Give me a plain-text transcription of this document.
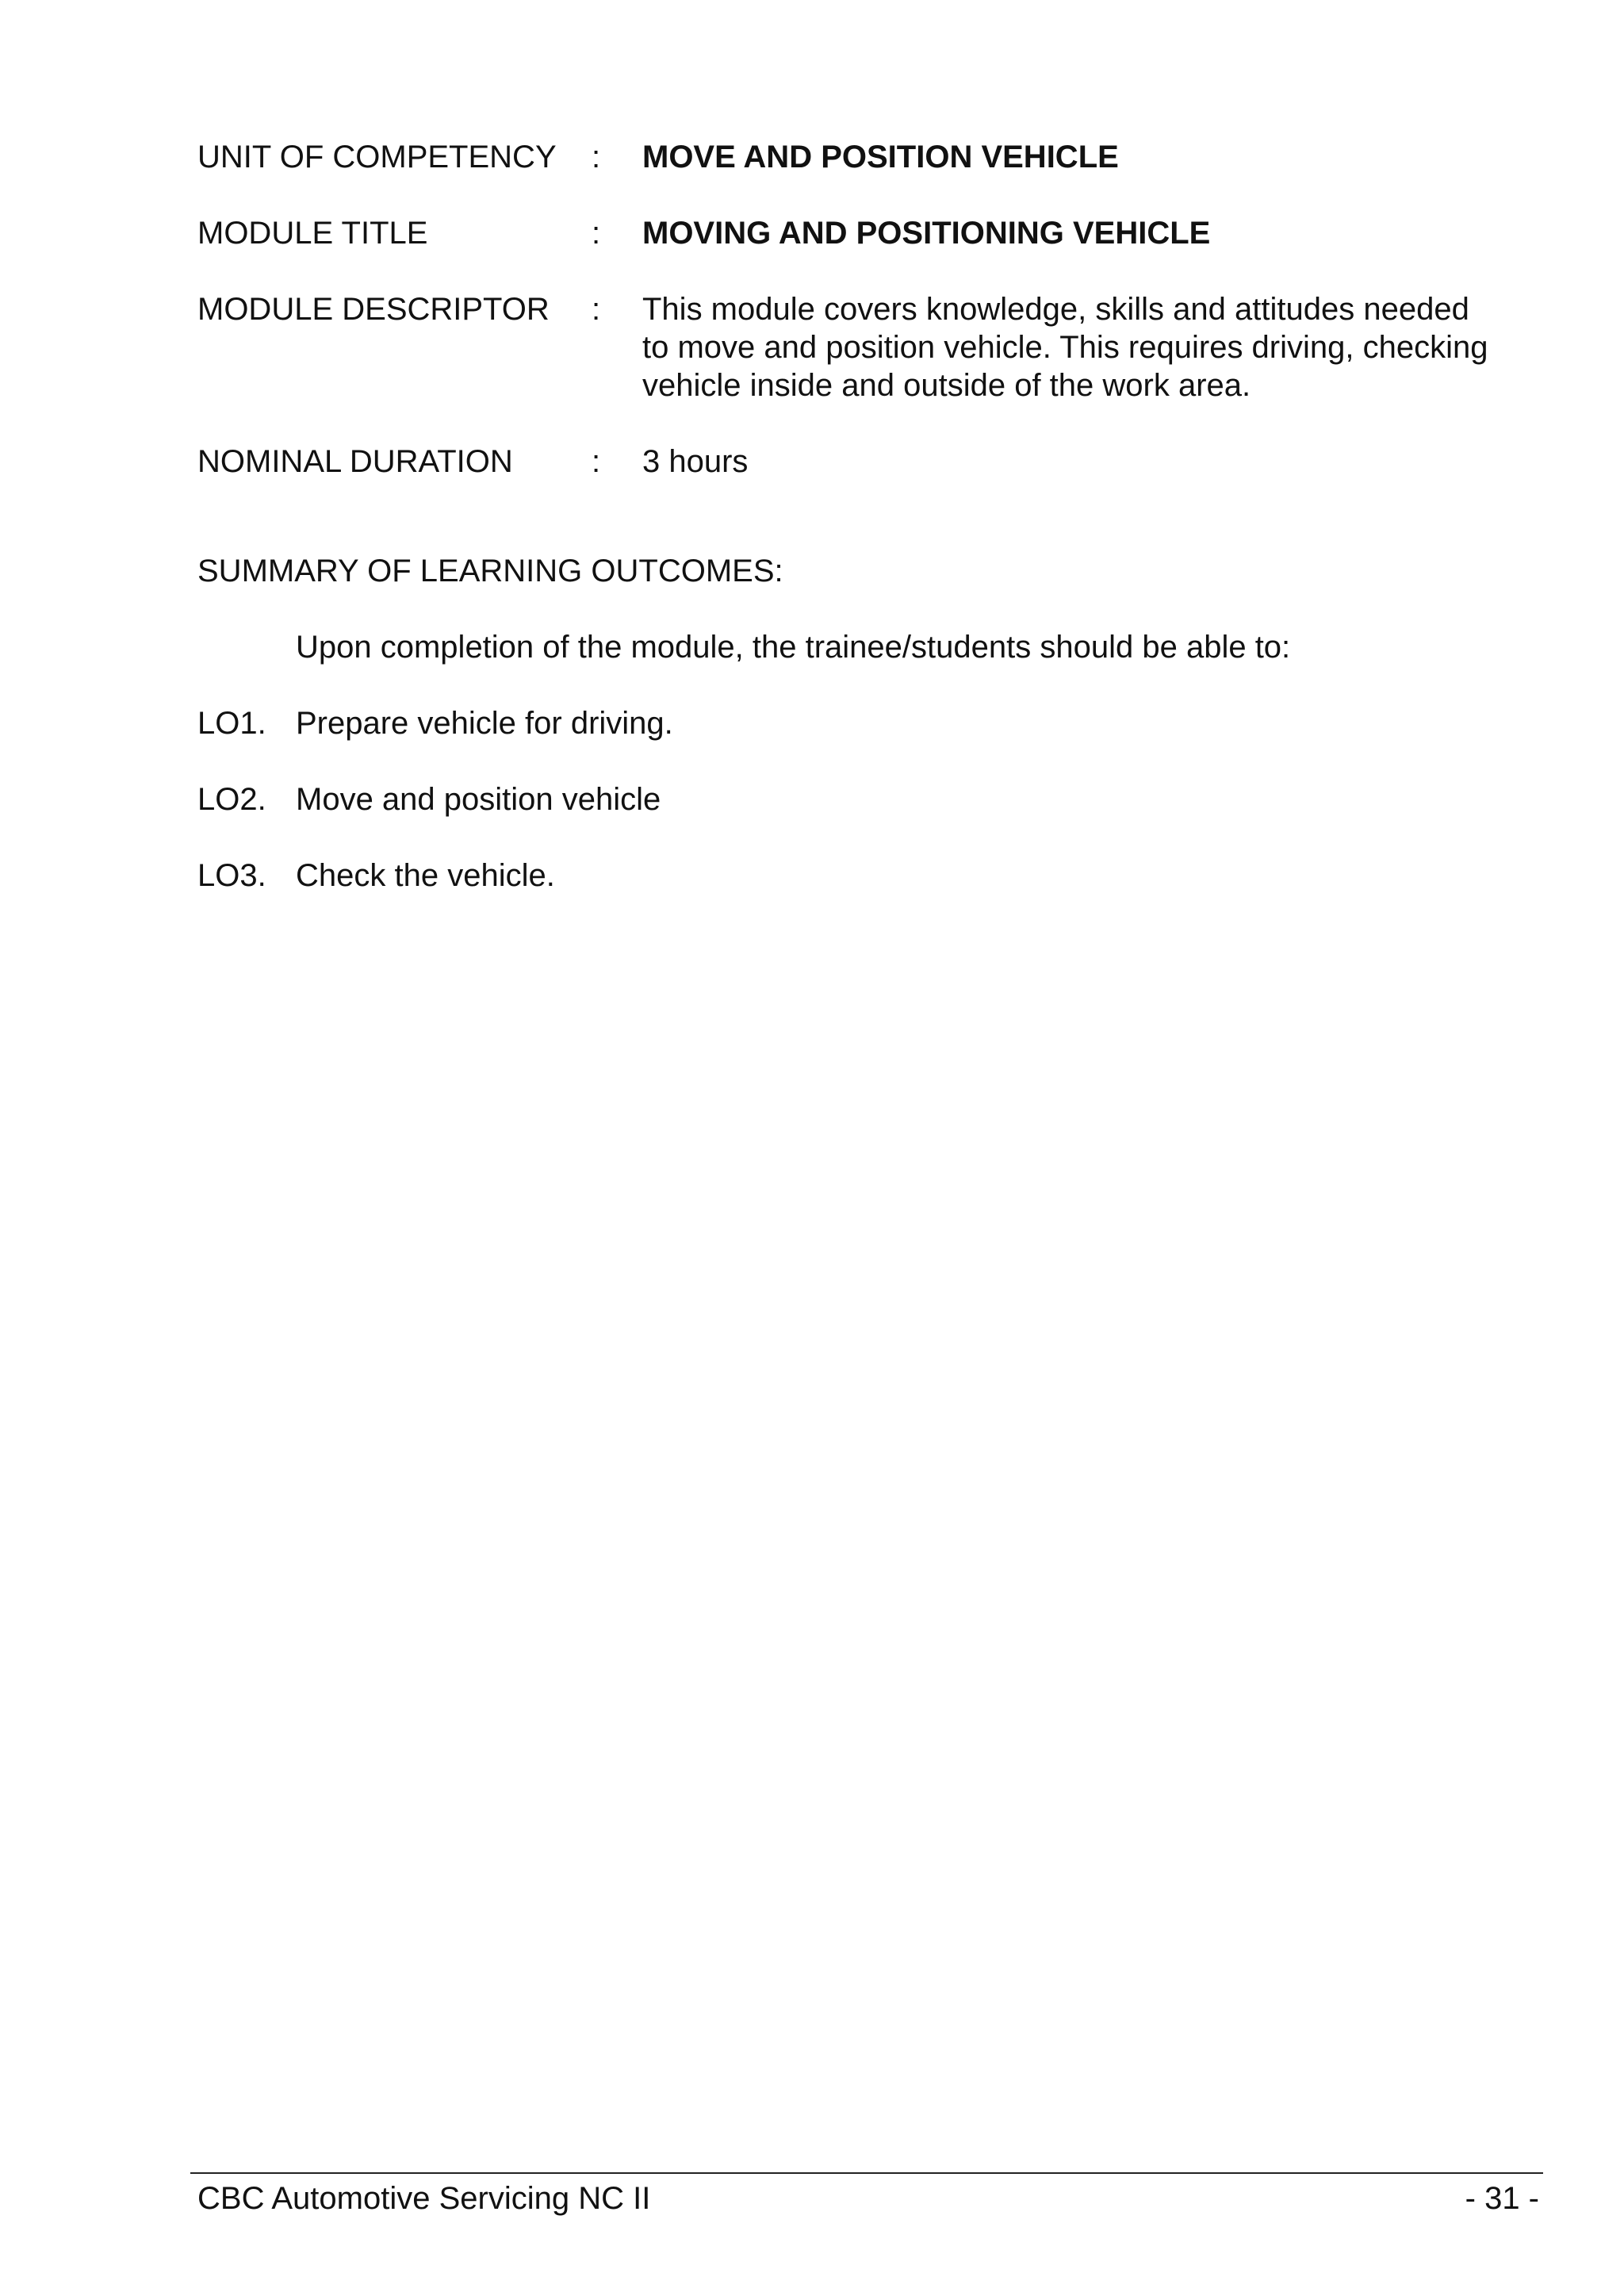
UNIT OF COMPETENCY : MOVE AND POSITION VEHICLE
MODULE TITLE	: MOVING AND POSITIONING VEHICLE
MODULE DESCRIPTOR : This module covers knowledge, skills and attitudes needed
to move and position vehicle. This requires driving, checking
vehicle inside and outside of the work area.
NOMINAL DURATION : 3 hours
SUMMARY OF LEARNING OUTCOMES:
Upon completion of the module, the trainee/students should be able to:
LO1. Prepare vehicle for driving.
LO2. Move and position vehicle
LO3. Check the vehicle.
CBC Automotive Servicing NC II	- 31 -
